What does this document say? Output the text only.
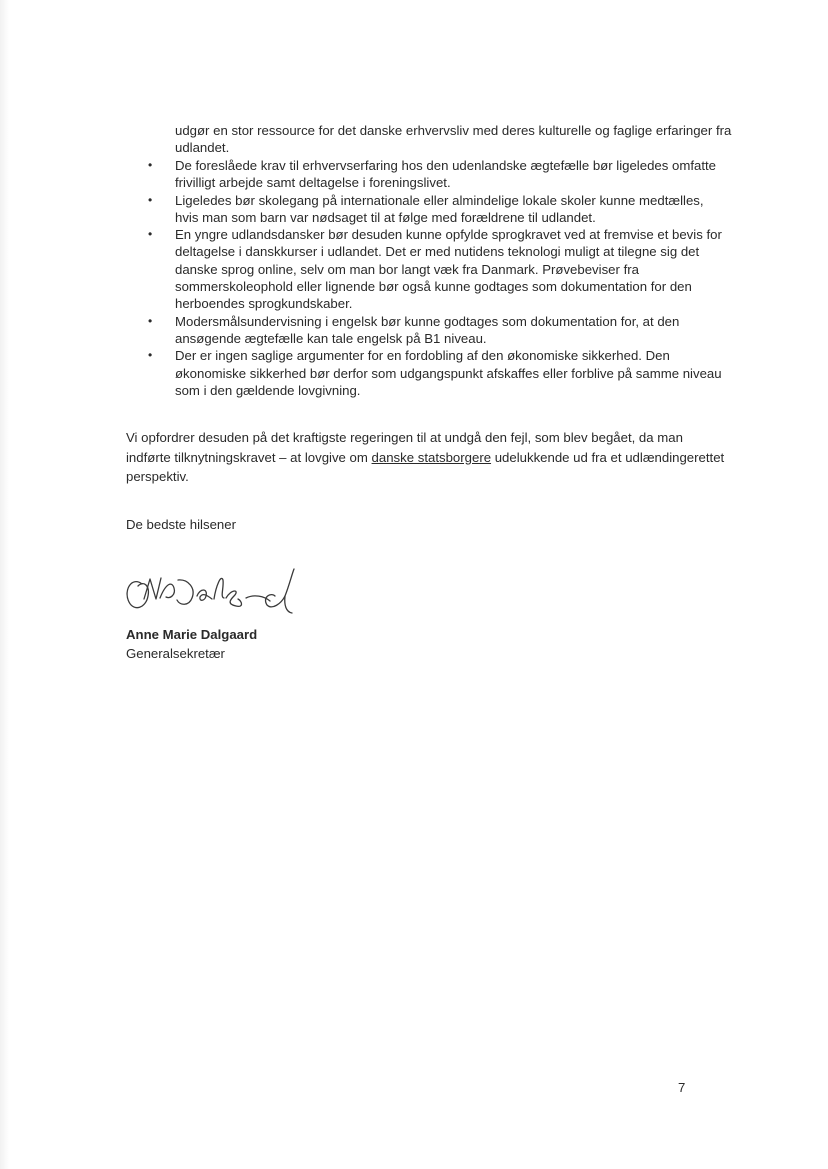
udgør en stor ressource for det danske erhvervsliv med deres kulturelle og faglige erfaringer fra udlandet.
• De foreslåede krav til erhvervserfaring hos den udenlandske ægtefælle bør ligeledes omfatte frivilligt arbejde samt deltagelse i foreningslivet.
• Ligeledes bør skolegang på internationale eller almindelige lokale skoler kunne medtælles, hvis man som barn var nødsaget til at følge med forældrene til udlandet.
• En yngre udlandsdansker bør desuden kunne opfylde sprogkravet ved at fremvise et bevis for deltagelse i danskkurser i udlandet. Det er med nutidens teknologi muligt at tilegne sig det danske sprog online, selv om man bor langt væk fra Danmark. Prøvebeviser fra sommerskoleophold eller lignende bør også kunne godtages som dokumentation for den herboendes sprogkundskaber.
• Modersmålsundervisning i engelsk bør kunne godtages som dokumentation for, at den ansøgende ægtefælle kan tale engelsk på B1 niveau.
• Der er ingen saglige argumenter for en fordobling af den økonomiske sikkerhed. Den økonomiske sikkerhed bør derfor som udgangspunkt afskaffes eller forblive på samme niveau som i den gældende lovgivning.

Vi opfordrer desuden på det kraftigste regeringen til at undgå den fejl, som blev begået, da man indførte tilknytningskravet – at lovgive om danske statsborgere udelukkende ud fra et udlændingerettet perspektiv.

De bedste hilsener

Anne Marie Dalgaard

Generalsekretær

7
